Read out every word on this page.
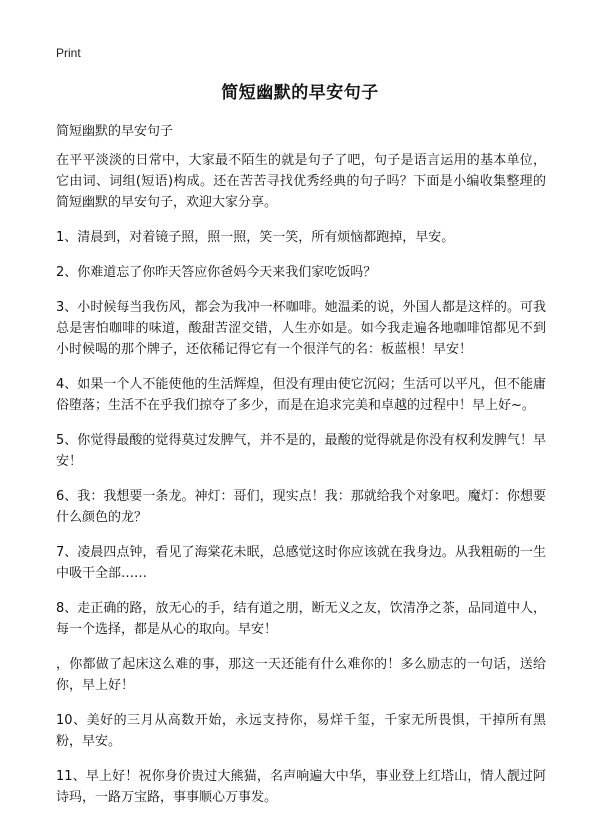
Print
简短幽默的早安句子
简短幽默的早安句子

在平平淡淡的日常中，大家最不陌生的就是句子了吧，句子是语言运用的基本单位，它由词、词组(短语)构成。还在苦苦寻找优秀经典的句子吗？下面是小编收集整理的简短幽默的早安句子，欢迎大家分享。

1、清晨到，对着镜子照，照一照，笑一笑，所有烦恼都跑掉，早安。

2、你难道忘了你昨天答应你爸妈今天来我们家吃饭吗？

3、小时候每当我伤风，都会为我冲一杯咖啡。她温柔的说，外国人都是这样的。可我总是害怕咖啡的味道，酸甜苦涩交错，人生亦如是。如今我走遍各地咖啡馆都见不到小时候喝的那个牌子，还依稀记得它有一个很洋气的名：板蓝根！早安！

4、如果一个人不能使他的生活辉煌，但没有理由使它沉闷；生活可以平凡，但不能庸俗堕落；生活不在乎我们掠夺了多少，而是在追求完美和卓越的过程中！早上好~。

5、你觉得最酸的觉得莫过发脾气，并不是的，最酸的觉得就是你没有权利发脾气！早安！

6、我：我想要一条龙。神灯：哥们，现实点！我：那就给我个对象吧。魔灯：你想要什么颜色的龙？

7、凌晨四点钟，看见了海棠花未眠，总感觉这时你应该就在我身边。从我粗砺的一生中吸干全部……

8、走正确的路，放无心的手，结有道之朋，断无义之友，饮清净之茶，品同道中人，每一个选择，都是从心的取向。早安！

，你都做了起床这么难的事，那这一天还能有什么难你的！多么励志的一句话，送给你，早上好！

10、美好的三月从高数开始，永远支持你，易烊千玺，千家无所畏惧，干掉所有黑粉，早安。

11、早上好！祝你身价贵过大熊猫，名声响遍大中华，事业登上红塔山，情人靓过阿诗玛，一路万宝路，事事顺心万事发。
